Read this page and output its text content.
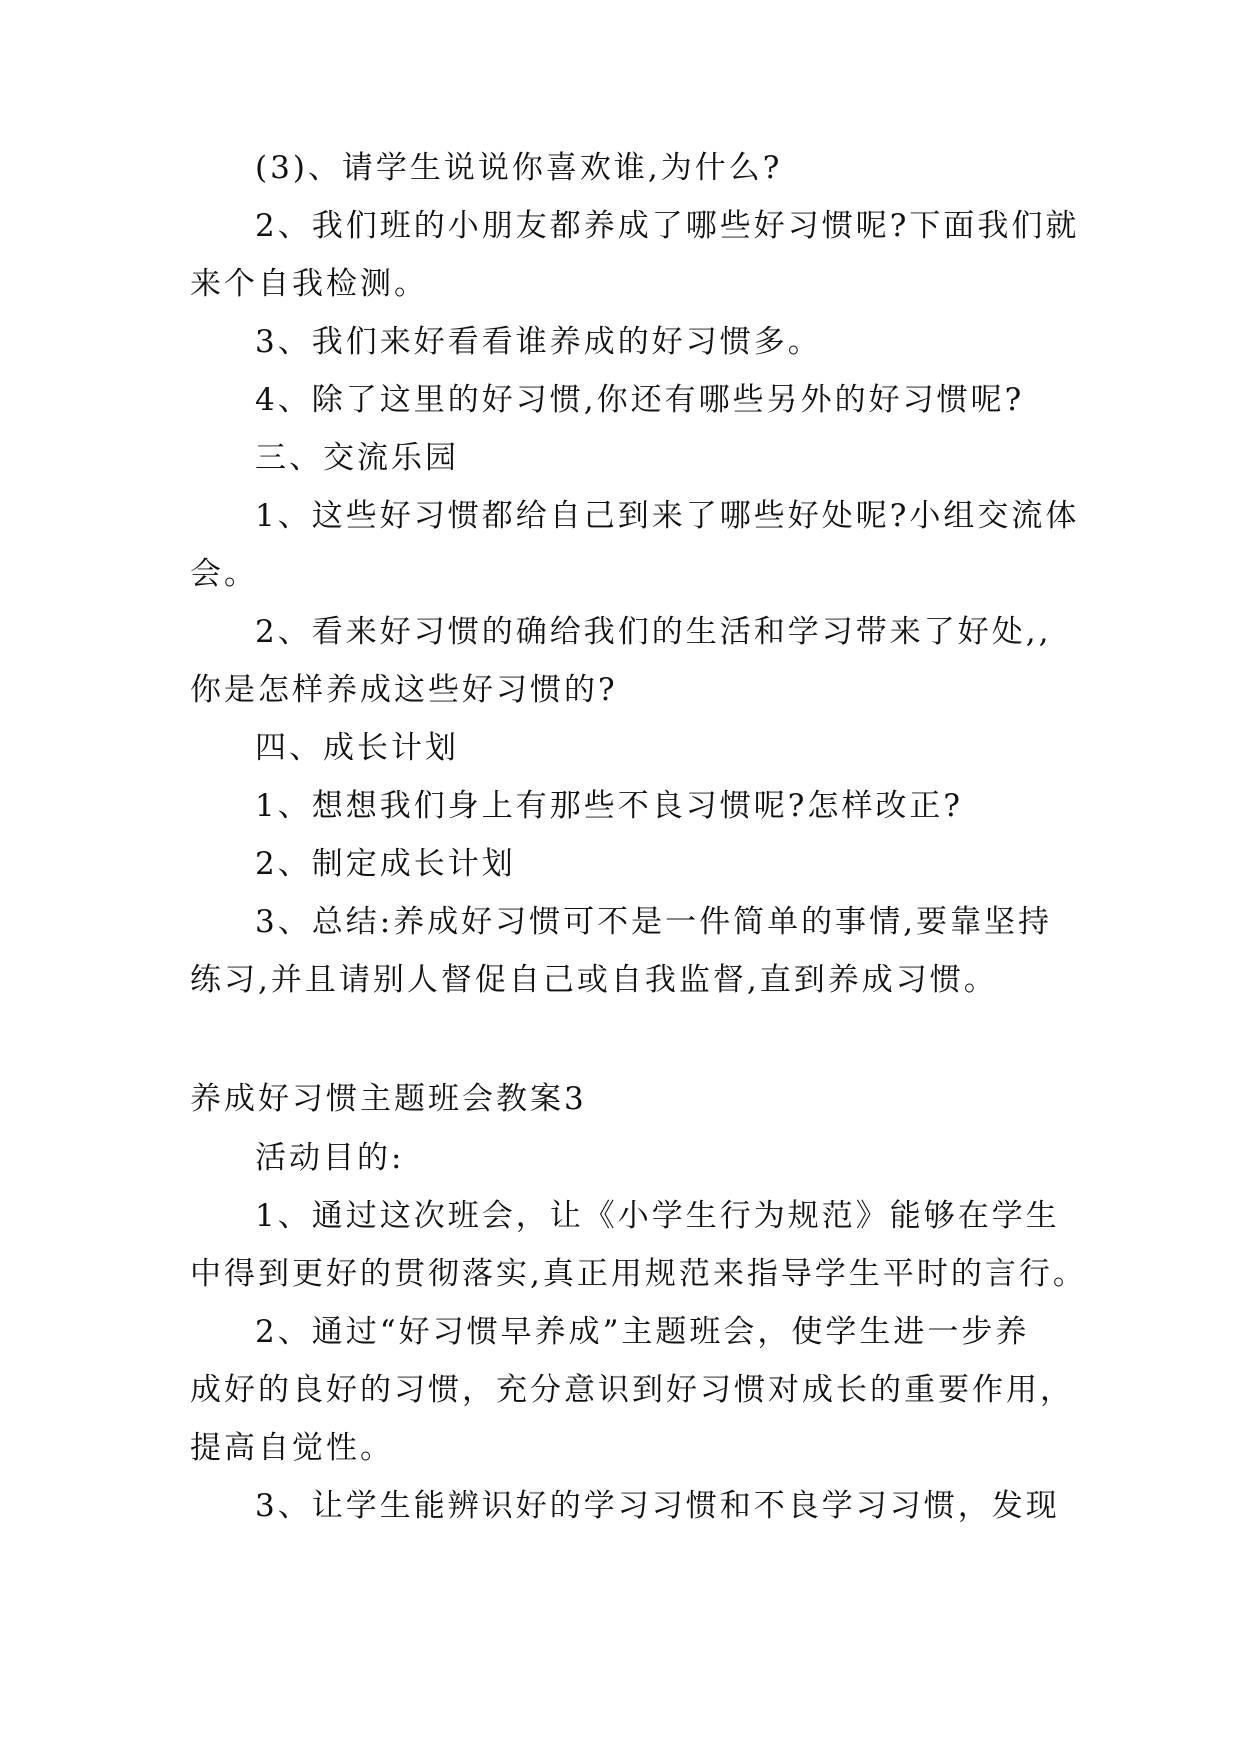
(3)、请学生说说你喜欢谁,为什么?
2、我们班的小朋友都养成了哪些好习惯呢?下面我们就
来个自我检测。
3、我们来好看看谁养成的好习惯多。
4、除了这里的好习惯,你还有哪些另外的好习惯呢?
三、交流乐园
1、这些好习惯都给自己到来了哪些好处呢?小组交流体
会。
2、看来好习惯的确给我们的生活和学习带来了好处,,
你是怎样养成这些好习惯的?
四、成长计划
1、想想我们身上有那些不良习惯呢?怎样改正?
2、制定成长计划
3、总结:养成好习惯可不是一件简单的事情,要靠坚持
练习,并且请别人督促自己或自我监督,直到养成习惯。
养成好习惯主题班会教案3
活动目的:
1、通过这次班会，让《小学生行为规范》能够在学生
中得到更好的贯彻落实,真正用规范来指导学生平时的言行。
2、通过“好习惯早养成”主题班会，使学生进一步养
成好的良好的习惯，充分意识到好习惯对成长的重要作用，
提高自觉性。
3、让学生能辨识好的学习习惯和不良学习习惯，发现
